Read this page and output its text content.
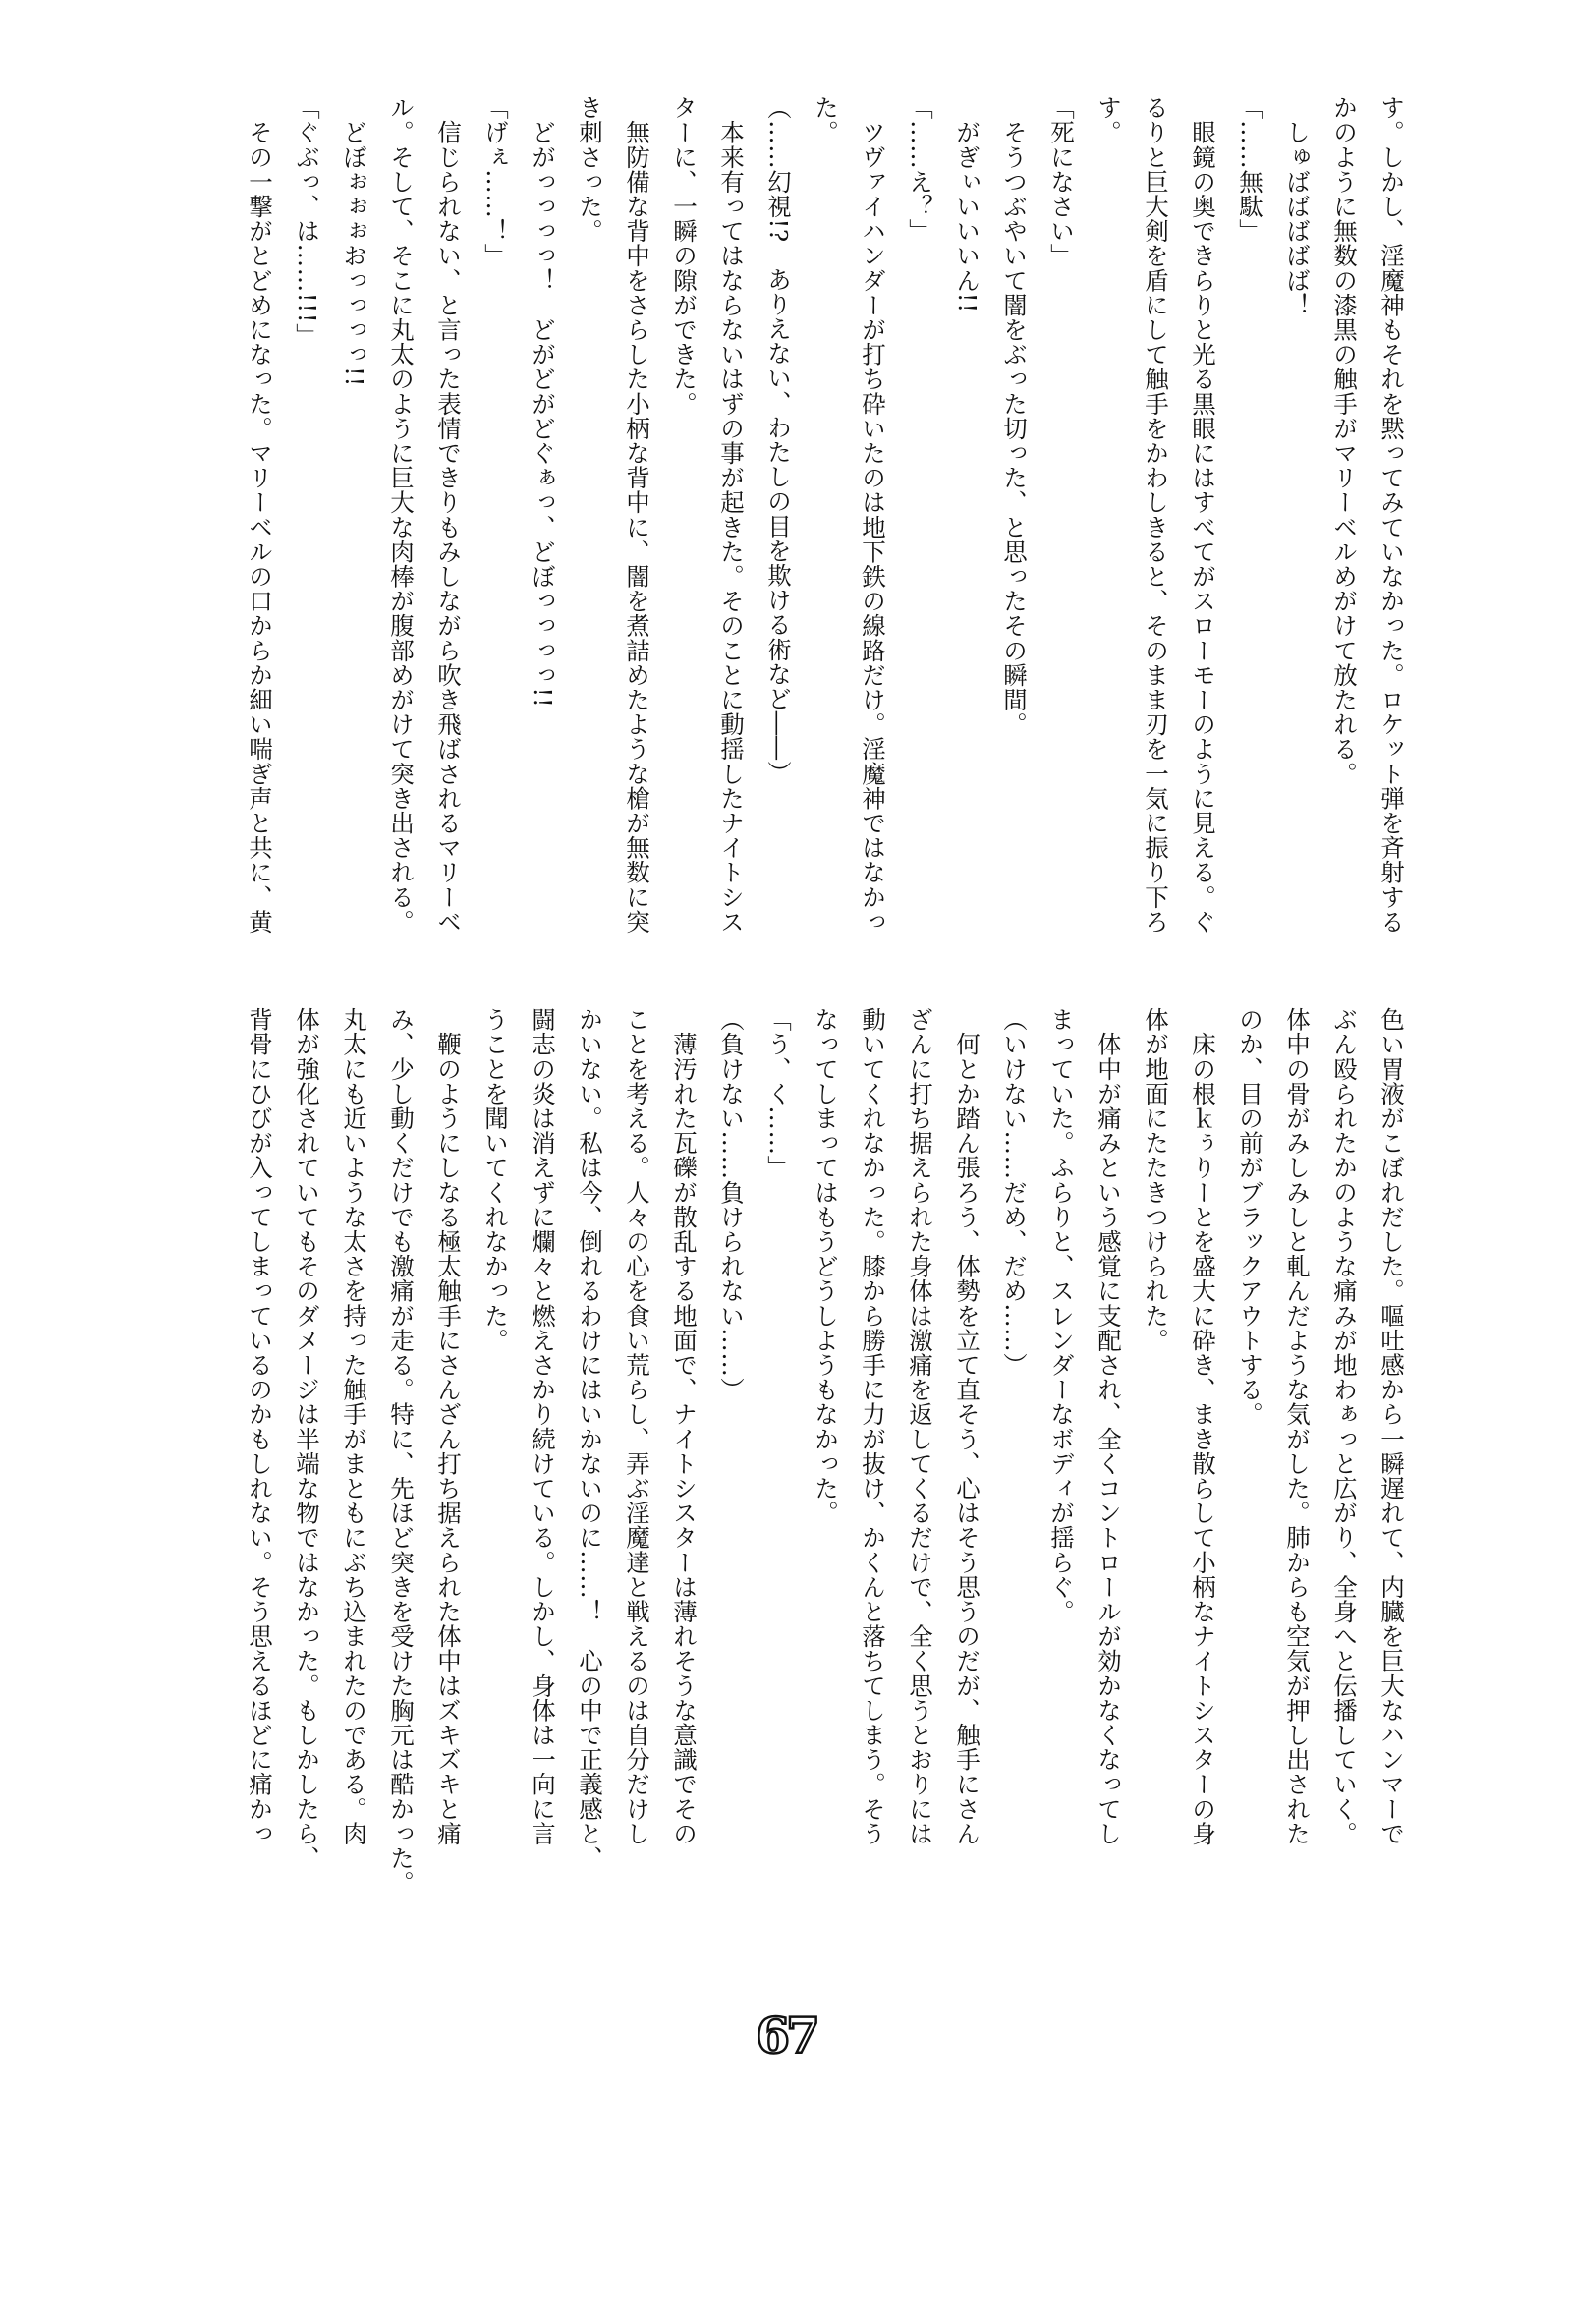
す。しかし、淫魔神もそれを黙ってみていなかった。ロケット弾を斉射する
かのように無数の漆黒の触手がマリーベルめがけて放たれる。
　しゅばばばばば！
「……無駄」
　眼鏡の奥できらりと光る黒眼にはすべてがスローモーのように見える。ぐ
るりと巨大剣を盾にして触手をかわしきると、そのまま刃を一気に振り下ろ
す。
「死になさい」
　そうつぶやいて闇をぶった切った、と思ったその瞬間。
　がぎぃいいいん!!
「……え？」
　ツヴァイハンダーが打ち砕いたのは地下鉄の線路だけ。淫魔神ではなかっ
た。
（……幻視!?　ありえない、わたしの目を欺ける術など――）
　本来有ってはならないはずの事が起きた。そのことに動揺したナイトシス
ターに、一瞬の隙ができた。
　無防備な背中をさらした小柄な背中に、闇を煮詰めたような槍が無数に突
き刺さった。
　どがっっっっ！　どがどがどぐぁっ、どぼっっっっ!!
「げぇ……！」
　信じられない、と言った表情できりもみしながら吹き飛ばされるマリーベ
ル。そして、そこに丸太のように巨大な肉棒が腹部めがけて突き出される。
　どぼぉぉぉおっっっっ!!
「ぐぶっ、は……!!!」
　その一撃がとどめになった。マリーベルの口からか細い喘ぎ声と共に、黄
色い胃液がこぼれだした。嘔吐感から一瞬遅れて、内臓を巨大なハンマーで
ぶん殴られたかのような痛みが地わぁっと広がり、全身へと伝播していく。
体中の骨がみしみしと軋んだような気がした。肺からも空気が押し出された
のか、目の前がブラックアウトする。
　床の根ｋぅりーとを盛大に砕き、まき散らして小柄なナイトシスターの身
体が地面にたたきつけられた。
　体中が痛みという感覚に支配され、全くコントロールが効かなくなってし
まっていた。ふらりと、スレンダーなボディが揺らぐ。
（いけない……だめ、だめ……）
　何とか踏ん張ろう、体勢を立て直そう、心はそう思うのだが、触手にさん
ざんに打ち据えられた身体は激痛を返してくるだけで、全く思うとおりには
動いてくれなかった。膝から勝手に力が抜け、かくんと落ちてしまう。そう
なってしまってはもうどうしようもなかった。
「う、く……」
（負けない……負けられない……）
　薄汚れた瓦礫が散乱する地面で、ナイトシスターは薄れそうな意識でその
ことを考える。人々の心を食い荒らし、弄ぶ淫魔達と戦えるのは自分だけし
かいない。私は今、倒れるわけにはいかないのに……！　心の中で正義感と、
闘志の炎は消えずに爛々と燃えさかり続けている。しかし、身体は一向に言
うことを聞いてくれなかった。
　鞭のようにしなる極太触手にさんざん打ち据えられた体中はズキズキと痛
み、少し動くだけでも激痛が走る。特に、先ほど突きを受けた胸元は酷かった。
丸太にも近いような太さを持った触手がまともにぶち込まれたのである。肉
体が強化されていてもそのダメージは半端な物ではなかった。もしかしたら、
背骨にひびが入ってしまっているのかもしれない。そう思えるほどに痛かっ
67
